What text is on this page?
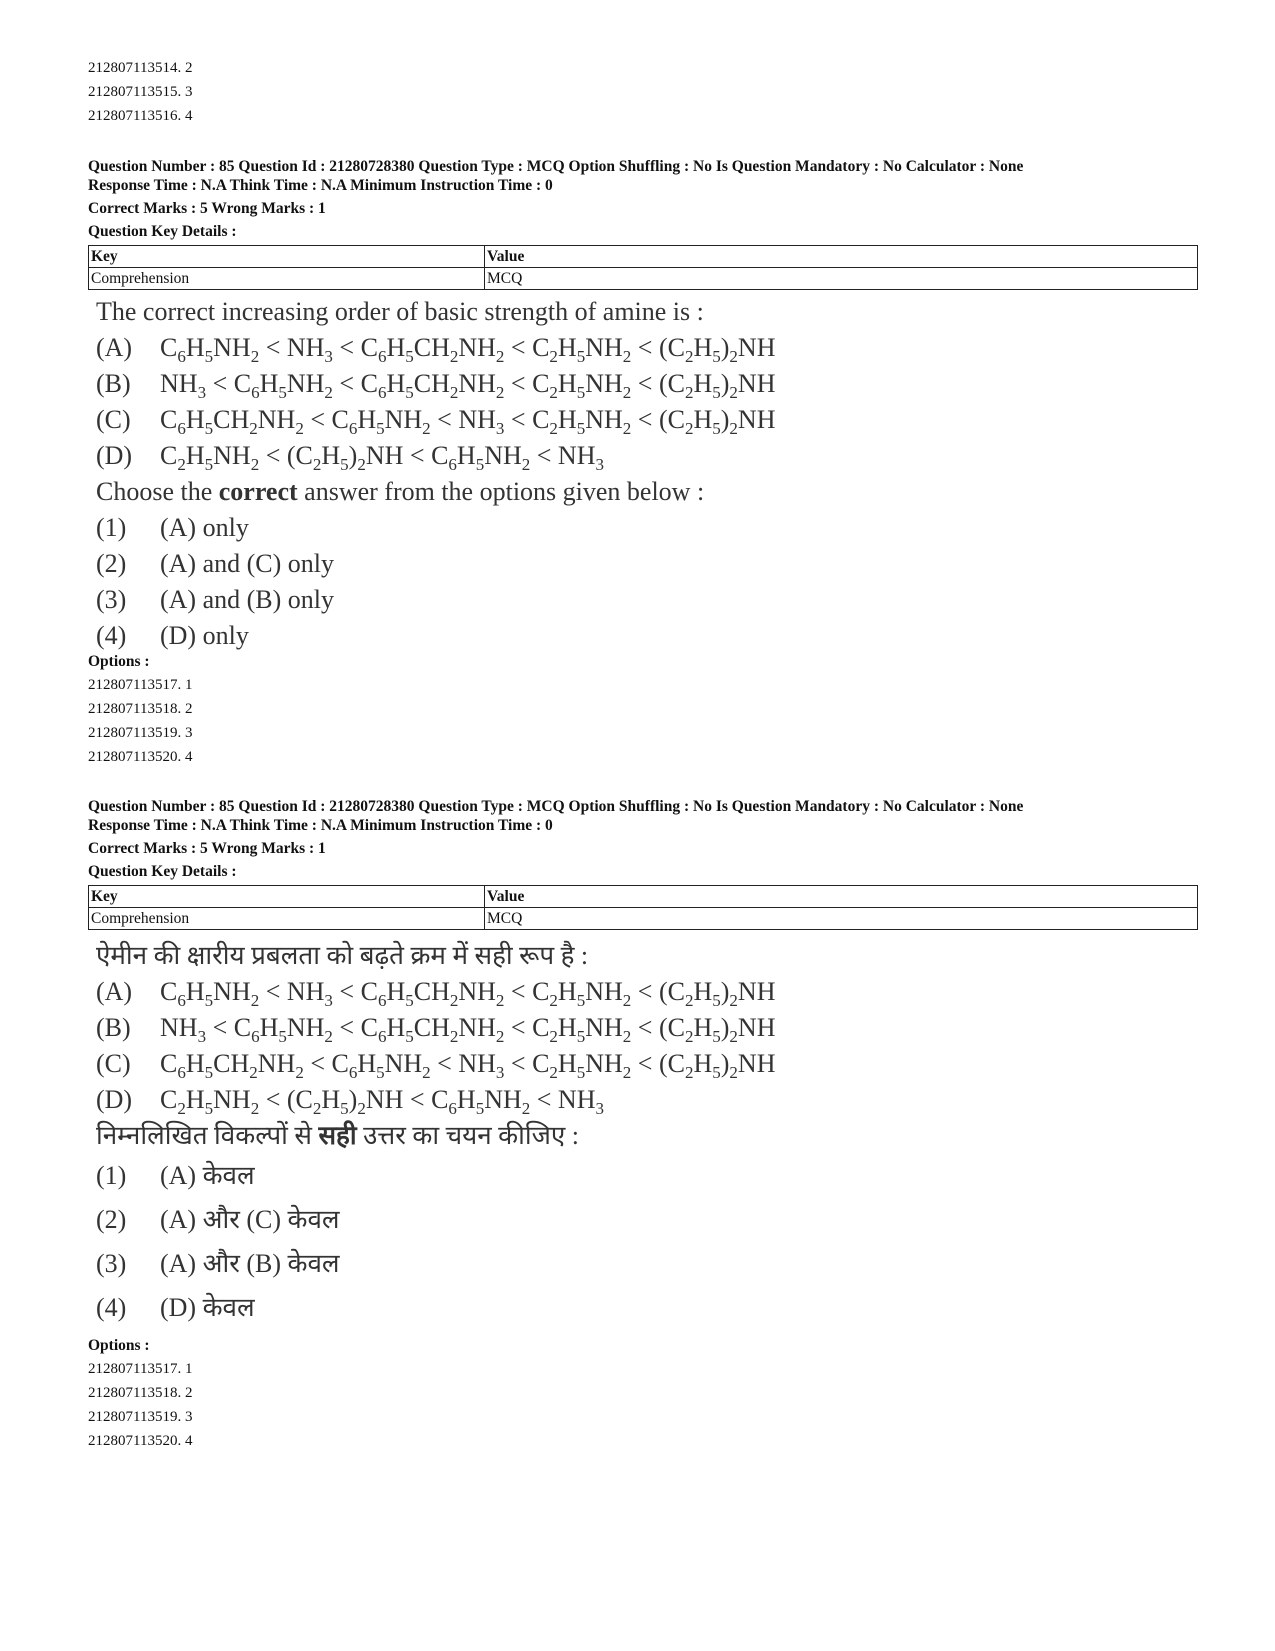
212807113514. 2
212807113515. 3
212807113516. 4
Question Number : 85 Question Id : 21280728380 Question Type : MCQ Option Shuffling : No Is Question Mandatory : No Calculator : None
Response Time : N.A Think Time : N.A Minimum Instruction Time : 0
Correct Marks : 5 Wrong Marks : 1
Question Key Details :
Key	Value
Comprehension	MCQ
The correct increasing order of basic strength of amine is :
(A) $C_6H_5NH_2 < NH_3 < C_6H_5CH_2NH_2 < C_2H_5NH_2 < (C_2H_5)_2NH$
(B) $NH_3 < C_6H_5NH_2 < C_6H_5CH_2NH_2 < C_2H_5NH_2 < (C_2H_5)_2NH$
(C) $C_6H_5CH_2NH_2 < C_6H_5NH_2 < NH_3 < C_2H_5NH_2 < (C_2H_5)_2NH$
(D) $C_2H_5NH_2 < (C_2H_5)_2NH < C_6H_5NH_2 < NH_3$
Choose the correct answer from the options given below :
(1) (A) only
(2) (A) and (C) only
(3) (A) and (B) only
(4) (D) only
Options :
212807113517. 1
212807113518. 2
212807113519. 3
212807113520. 4
Question Number : 85 Question Id : 21280728380 Question Type : MCQ Option Shuffling : No Is Question Mandatory : No Calculator : None
Response Time : N.A Think Time : N.A Minimum Instruction Time : 0
Correct Marks : 5 Wrong Marks : 1
Question Key Details :
Key	Value
Comprehension	MCQ
ऐमीन की क्षारीय प्रबलता को बढ़ते क्रम में सही रूप है :
(A) $C_6H_5NH_2 < NH_3 < C_6H_5CH_2NH_2 < C_2H_5NH_2 < (C_2H_5)_2NH$
(B) $NH_3 < C_6H_5NH_2 < C_6H_5CH_2NH_2 < C_2H_5NH_2 < (C_2H_5)_2NH$
(C) $C_6H_5CH_2NH_2 < C_6H_5NH_2 < NH_3 < C_2H_5NH_2 < (C_2H_5)_2NH$
(D) $C_2H_5NH_2 < (C_2H_5)_2NH < C_6H_5NH_2 < NH_3$
निम्नलिखित विकल्पों से सही उत्तर का चयन कीजिए :
(1) (A) केवल
(2) (A) और (C) केवल
(3) (A) और (B) केवल
(4) (D) केवल
Options :
212807113517. 1
212807113518. 2
212807113519. 3
212807113520. 4
